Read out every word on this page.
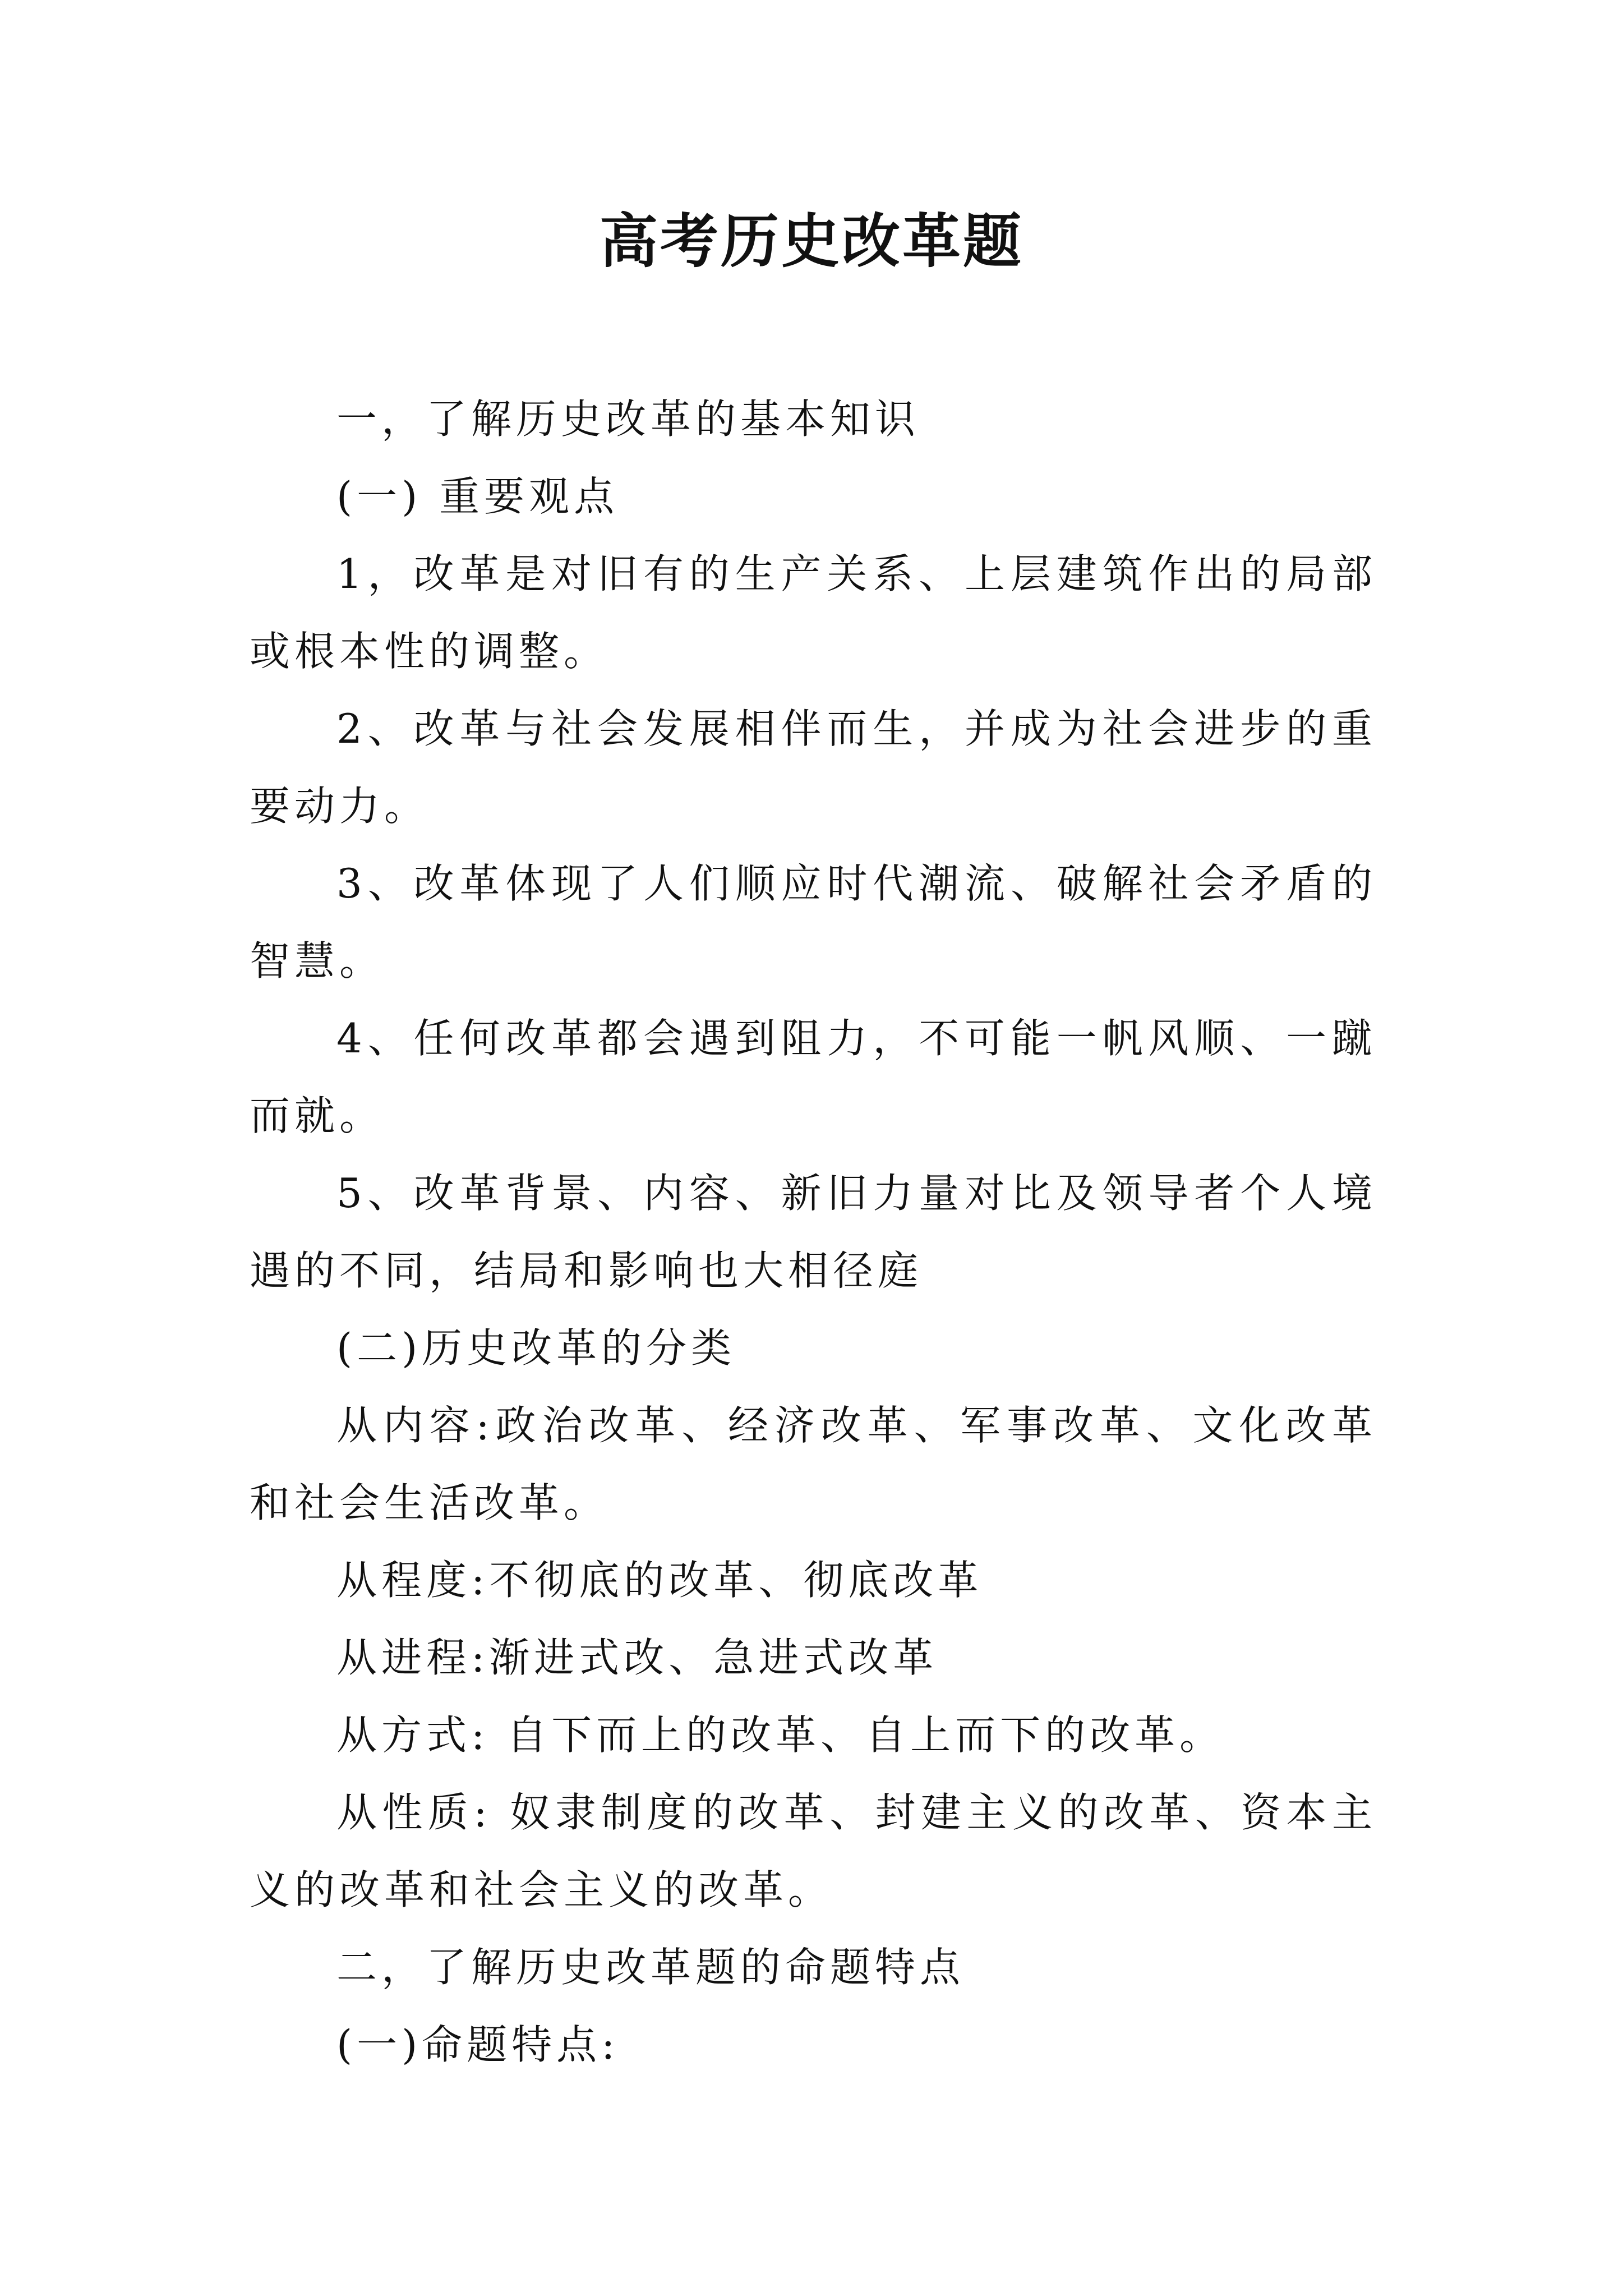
高考历史改革题

一，了解历史改革的基本知识

(一) 重要观点

1，改革是对旧有的生产关系、上层建筑作出的局部或根本性的调整。

2、改革与社会发展相伴而生，并成为社会进步的重要动力。

3、改革体现了人们顺应时代潮流、破解社会矛盾的智慧。

4、任何改革都会遇到阻力，不可能一帆风顺、一蹴而就。

5、改革背景、内容、新旧力量对比及领导者个人境遇的不同，结局和影响也大相径庭

(二)历史改革的分类

从内容:政治改革、经济改革、军事改革、文化改革和社会生活改革。

从程度:不彻底的改革、彻底改革

从进程:渐进式改、急进式改革

从方式: 自下而上的改革、自上而下的改革。

从性质: 奴隶制度的改革、封建主义的改革、资本主义的改革和社会主义的改革。

二，了解历史改革题的命题特点

(一)命题特点:
